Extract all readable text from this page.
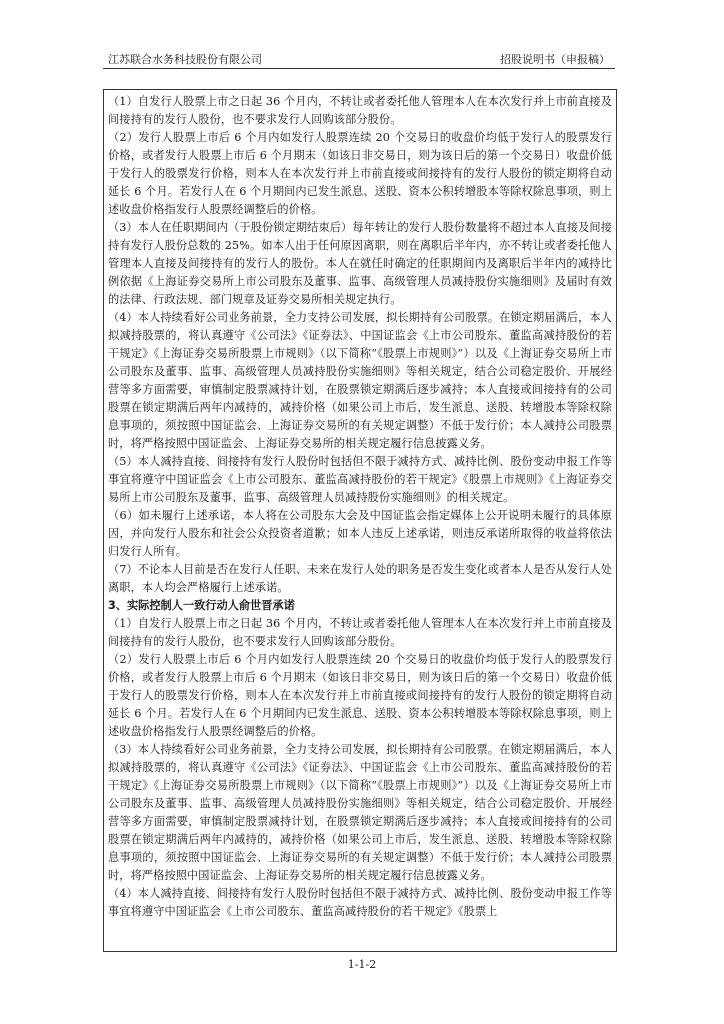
江苏联合水务科技股份有限公司	招股说明书（申报稿）

（1）自发行人股票上市之日起 36 个月内，不转让或者委托他人管理本人在本次发行并上市前直接及间接持有的发行人股份，也不要求发行人回购该部分股份。

（2）发行人股票上市后 6 个月内如发行人股票连续 20 个交易日的收盘价均低于发行人的股票发行价格，或者发行人股票上市后 6 个月期末（如该日非交易日，则为该日后的第一个交易日）收盘价低于发行人的股票发行价格，则本人在本次发行并上市前直接或间接持有的发行人股份的锁定期将自动延长 6 个月。若发行人在 6 个月期间内已发生派息、送股、资本公积转增股本等除权除息事项，则上述收盘价格指发行人股票经调整后的价格。

（3）本人在任职期间内（于股份锁定期结束后）每年转让的发行人股份数量将不超过本人直接及间接持有发行人股份总数的 25%。如本人出于任何原因离职，则在离职后半年内，亦不转让或者委托他人管理本人直接及间接持有的发行人的股份。本人在就任时确定的任职期间内及离职后半年内的减持比例依据《上海证券交易所上市公司股东及董事、监事、高级管理人员减持股份实施细则》及届时有效的法律、行政法规、部门规章及证券交易所相关规定执行。

（4）本人持续看好公司业务前景，全力支持公司发展，拟长期持有公司股票。在锁定期届满后，本人拟减持股票的，将认真遵守《公司法》《证券法》、中国证监会《上市公司股东、董监高减持股份的若干规定》《上海证券交易所股票上市规则》（以下简称“《股票上市规则》”）以及《上海证券交易所上市公司股东及董事、监事、高级管理人员减持股份实施细则》等相关规定，结合公司稳定股价、开展经营等多方面需要，审慎制定股票减持计划，在股票锁定期满后逐步减持；本人直接或间接持有的公司股票在锁定期满后两年内减持的，减持价格（如果公司上市后，发生派息、送股、转增股本等除权除息事项的，须按照中国证监会、上海证券交易所的有关规定调整）不低于发行价；本人减持公司股票时，将严格按照中国证监会、上海证券交易所的相关规定履行信息披露义务。

（5）本人减持直接、间接持有发行人股份时包括但不限于减持方式、减持比例、股份变动申报工作等事宜将遵守中国证监会《上市公司股东、董监高减持股份的若干规定》《股票上市规则》《上海证券交易所上市公司股东及董事、监事、高级管理人员减持股份实施细则》的相关规定。

（6）如未履行上述承诺，本人将在公司股东大会及中国证监会指定媒体上公开说明未履行的具体原因，并向发行人股东和社会公众投资者道歉；如本人违反上述承诺，则违反承诺所取得的收益将依法归发行人所有。

（7）不论本人目前是否在发行人任职、未来在发行人处的职务是否发生变化或者本人是否从发行人处离职，本人均会严格履行上述承诺。

3、实际控制人一致行动人俞世晋承诺

（1）自发行人股票上市之日起 36 个月内，不转让或者委托他人管理本人在本次发行并上市前直接及间接持有的发行人股份，也不要求发行人回购该部分股份。

（2）发行人股票上市后 6 个月内如发行人股票连续 20 个交易日的收盘价均低于发行人的股票发行价格，或者发行人股票上市后 6 个月期末（如该日非交易日，则为该日后的第一个交易日）收盘价低于发行人的股票发行价格，则本人在本次发行并上市前直接或间接持有的发行人股份的锁定期将自动延长 6 个月。若发行人在 6 个月期间内已发生派息、送股、资本公积转增股本等除权除息事项，则上述收盘价格指发行人股票经调整后的价格。

（3）本人持续看好公司业务前景，全力支持公司发展，拟长期持有公司股票。在锁定期届满后，本人拟减持股票的，将认真遵守《公司法》《证券法》、中国证监会《上市公司股东、董监高减持股份的若干规定》《上海证券交易所股票上市规则》（以下简称“《股票上市规则》”）以及《上海证券交易所上市公司股东及董事、监事、高级管理人员减持股份实施细则》等相关规定，结合公司稳定股价、开展经营等多方面需要，审慎制定股票减持计划，在股票锁定期满后逐步减持；本人直接或间接持有的公司股票在锁定期满后两年内减持的，减持价格（如果公司上市后，发生派息、送股、转增股本等除权除息事项的，须按照中国证监会、上海证券交易所的有关规定调整）不低于发行价；本人减持公司股票时，将严格按照中国证监会、上海证券交易所的相关规定履行信息披露义务。

（4）本人减持直接、间接持有发行人股份时包括但不限于减持方式、减持比例、股份变动申报工作等事宜将遵守中国证监会《上市公司股东、董监高减持股份的若干规定》《股票上

1-1-2
